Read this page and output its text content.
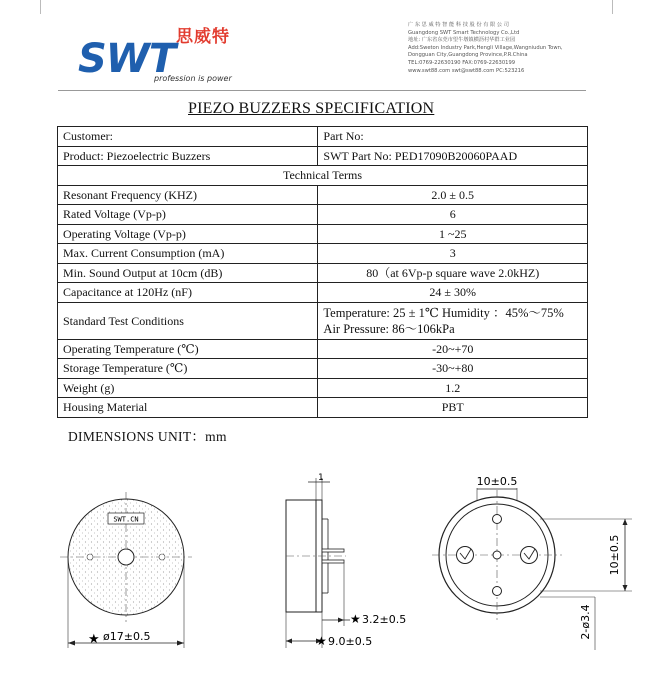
思威特
SWT
profession is power
广 东 思 威 特 智 能 科 技 股 份 有 限 公 司
Guangdong SWT Smart Technology Co.,Ltd
地址: 广东省东莞市望牛墩镇横沥村华群工业园
Add:Sweton Industry Park,Hengli Village,Wangniudun Town,
Dongguan City,Guangdong Province,P.R.China
TEL:0769-22630190 FAX:0769-22630199
www.swt88.com swt@swt88.com PC:523216
PIEZO BUZZERS SPECIFICATION
Customer:	Part No:
Product: Piezoelectric Buzzers	SWT Part No: PED17090B20060PAAD
Technical Terms	
Resonant Frequency (KHZ)	2.0 ± 0.5
Rated Voltage (Vp-p)	6
Operating Voltage (Vp-p)	1 ~25
Max. Current Consumption (mA)	3
Min. Sound Output at 10cm (dB)	80（at 6Vp-p square wave 2.0kHZ)
Capacitance at 120Hz (nF)	24 ± 30%
Standard Test Conditions	Temperature: 25 ± 1℃ Humidity ：45%～75%
Air Pressure: 86～106kPa

Operating Temperature (℃)	-20~+70
Storage Temperature (℃)	-30~+80
Weight (g)	1.2
Housing Material	PBT
DIMENSIONS UNIT：mm
SWT.CN
★ ø17±0.5
1
★ 3.2±0.5
★ 9.0±0.5
10±0.5
10±0.5
2-ø3.4
